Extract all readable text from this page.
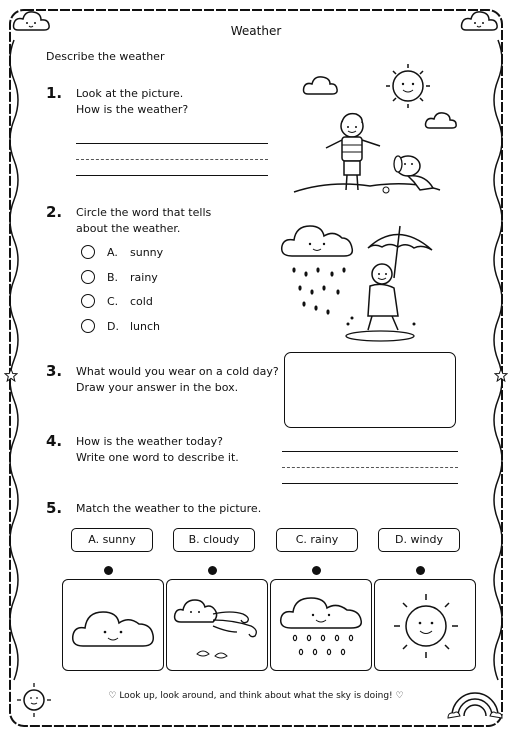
Weather
Describe the weather
1. Look at the picture.
How is the weather?
2. Circle the word that tells
about the weather.
A. sunny
B. rainy
C. cold
D. lunch
3. What would you wear on a cold day?
Draw your answer in the box.
4. How is the weather today?
Write one word to describe it.
5. Match the weather to the picture.
A. sunny	B. cloudy	C. rainy	D. windy
♡ Look up, look around, and think about what the sky is doing! ♡
